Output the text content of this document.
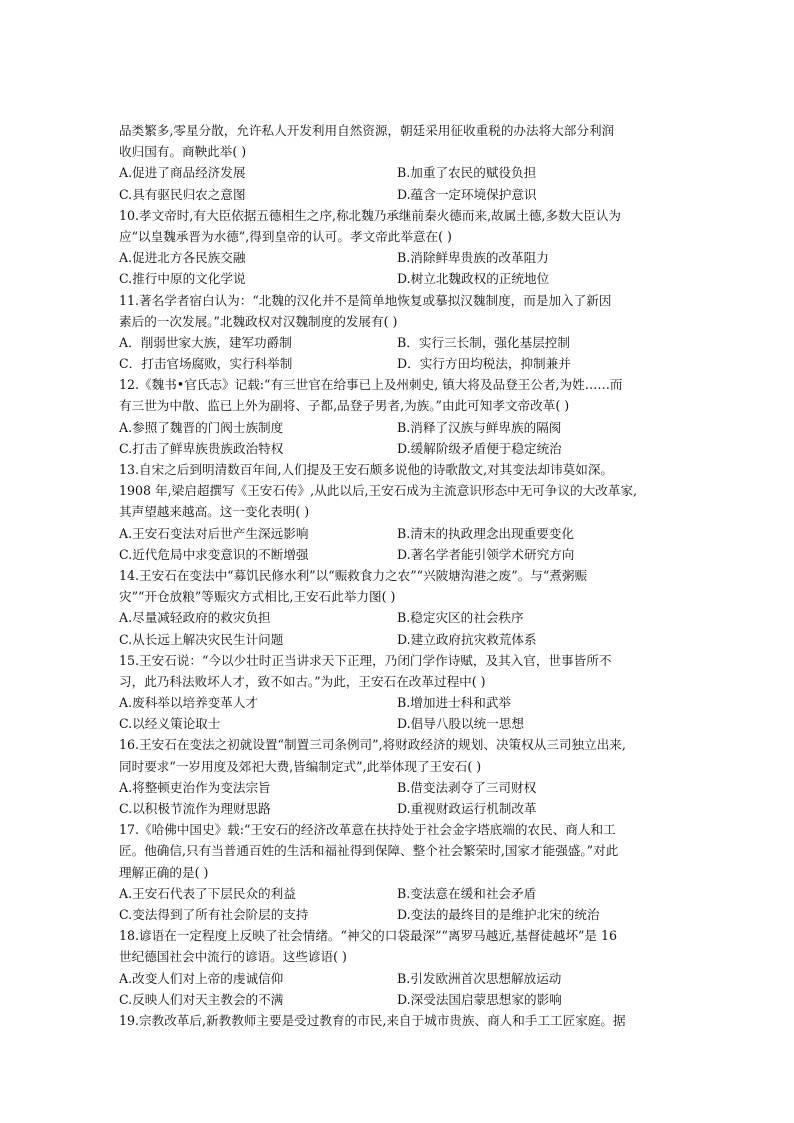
品类繁多,零星分散，允许私人开发利用自然资源，朝廷采用征收重税的办法将大部分利润
收归国有。商鞅此举( )
A.促进了商品经济发展	B.加重了农民的赋役负担
C.具有驱民归农之意图	D.蕴含一定环境保护意识
10.孝文帝时,有大臣依据五德相生之序,称北魏乃承继前秦火德而来,故属土德,多数大臣认为
应“以皇魏承晋为水德”,得到皇帝的认可。孝文帝此举意在( )
A.促进北方各民族交融	B.消除鲜卑贵族的改革阻力
C.推行中原的文化学说	D.树立北魏政权的正统地位
11.著名学者宿白认为：“北魏的汉化并不是简单地恢复或摹拟汉魏制度，而是加入了新因
素后的一次发展。”北魏政权对汉魏制度的发展有( )
A．削弱世家大族，建军功爵制	B．实行三长制，强化基层控制
C．打击官场腐败，实行科举制	D．实行方田均税法，抑制兼并
12.《魏书•官氏志》记载:“有三世官在给事已上及州刺史, 镇大将及品登王公者,为姓……而
有三世为中散、监已上外为副将、子都,品登子男者,为族。”由此可知孝文帝改革( )
A.参照了魏晋的门阀士族制度	B.消释了汉族与鲜卑族的隔阂
C.打击了鲜卑族贵族政治特权	D.缓解阶级矛盾便于稳定统治
13.自宋之后到明清数百年间,人们提及王安石颇多说他的诗歌散文,对其变法却讳莫如深。
1908 年,梁启超撰写《王安石传》,从此以后,王安石成为主流意识形态中无可争议的大改革家,
其声望越来越高。这一变化表明( )
A.王安石变法对后世产生深远影响	B.清末的执政理念出现重要变化
C.近代危局中求变意识的不断增强	D.著名学者能引领学术研究方向
14.王安石在变法中“募饥民修水利”以“赈救食力之农”“兴陂塘沟港之废”。与“煮粥赈
灾”“开仓放粮”等赈灾方式相比,王安石此举力图( )
A.尽量减轻政府的救灾负担	B.稳定灾区的社会秩序
C.从长远上解决灾民生计问题	D.建立政府抗灾救荒体系
15.王安石说：“今以少壮时正当讲求天下正理，乃闭门学作诗赋，及其入官，世事皆所不
习，此乃科法败坏人才，致不如古。”为此，王安石在改革过程中( )
A.废科举以培养变革人才	B.增加进士科和武举
C.以经义策论取士	D.倡导八股以统一思想
16.王安石在变法之初就设置“制置三司条例司”,将财政经济的规划、决策权从三司独立出来,
同时要求“一岁用度及郊祀大费,皆编制定式”,此举体现了王安石( )
A.将整顿吏治作为变法宗旨	B.借变法剥夺了三司财权
C.以积极节流作为理财思路	D.重视财政运行机制改革
17.《哈佛中国史》载:“王安石的经济改革意在扶持处于社会金字塔底端的农民、商人和工
匠。他确信,只有当普通百姓的生活和福祉得到保障、整个社会繁荣时,国家才能强盛。”对此
理解正确的是( )
A.王安石代表了下层民众的利益	B.变法意在缓和社会矛盾
C.变法得到了所有社会阶层的支持	D.变法的最终目的是维护北宋的统治
18.谚语在一定程度上反映了社会情绪。“神父的口袋最深”“离罗马越近,基督徒越坏”是 16
世纪德国社会中流行的谚语。这些谚语( )
A.改变人们对上帝的虔诚信仰	B.引发欧洲首次思想解放运动
C.反映人们对天主教会的不满	D.深受法国启蒙思想家的影响
19.宗教改革后,新教教师主要是受过教育的市民,来自于城市贵族、商人和手工工匠家庭。据
